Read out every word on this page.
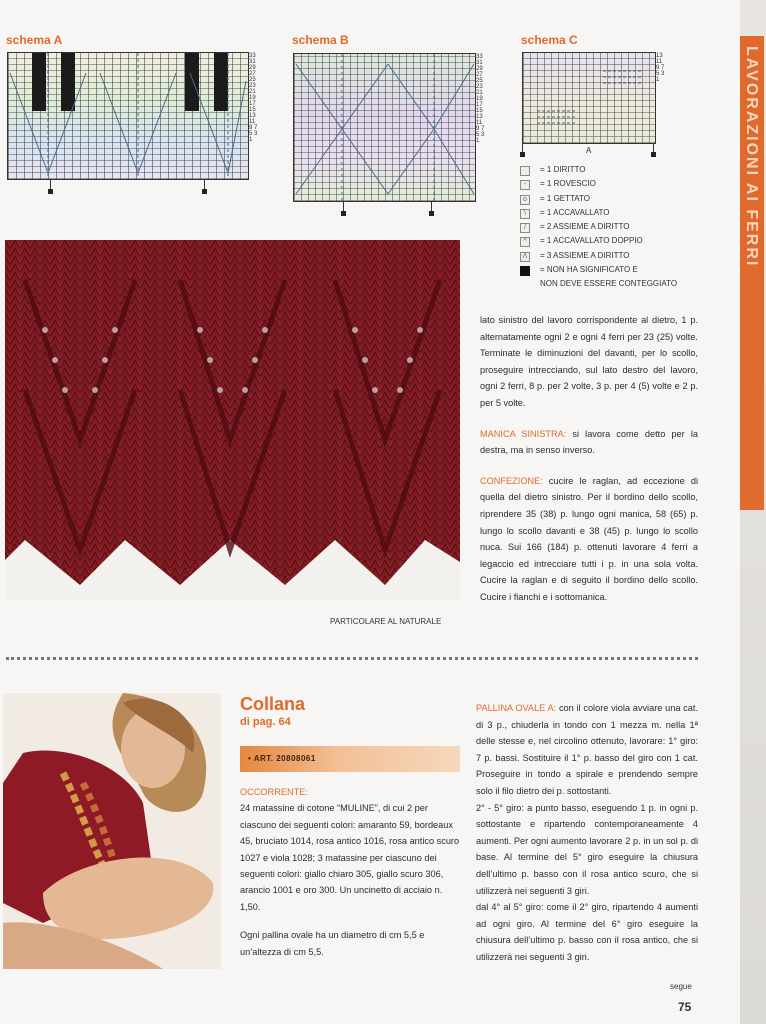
LAVORAZIONI AI FERRI
schema A	schema B	schema C
33 31 29 27 25 23 21 19 17 15 13 11 9 7 5 3 1
33 31 29 27 25 23 21 19 17 15 13 11 9 7 5 3 1
13 11 9 7 5 3 1
A
= 1 DIRITTO
-	= 1 ROVESCIO
o	= 1 GETTATO
\	= 1 ACCAVALLATO
/	= 2 ASSIEME A DIRITTO
^	= 1 ACCAVALLATO DOPPIO
Λ	= 3 ASSIEME A DIRITTO
= NON HA SIGNIFICATO E
NON DEVE ESSERE CONTEGGIATO
PARTICOLARE AL NATURALE

lato sinistro del lavoro corrispondente al dietro, 1 p. alternatamente ogni 2 e ogni 4 ferri per 23 (25) volte. Terminate le diminuzioni del davanti, per lo scollo, proseguire intrecciando, sul lato destro del lavoro, ogni 2 ferri, 8 p. per 2 volte, 3 p. per 4 (5) volte e 2 p. per 5 volte.

MANICA SINISTRA: si lavora come detto per la destra, ma in senso inverso.

CONFEZIONE: cucire le raglan, ad eccezione di quella del dietro sinistro. Per il bordino dello scollo, riprendere 35 (38) p. lungo ogni manica, 58 (65) p. lungo lo scollo davanti e 38 (45) p. lungo lo scollo nuca. Sui 166 (184) p. ottenuti lavorare 4 ferri a legaccio ed intrecciare tutti i p. in una sola volta. Cucire la raglan e di seguito il bordino dello scollo. Cucire i fianchi e i sottomanica.

Collana
di pag. 64
• ART. 20808061

OCCORRENTE:
24 matassine di cotone “MULINE”, di cui 2 per ciascuno dei seguenti colori: amaranto 59, bordeaux 45, bruciato 1014, rosa antico 1016, rosa antico scuro 1027 e viola 1028; 3 matassine per ciascuno dei seguenti colori: giallo chiaro 305, giallo scuro 306, arancio 1001 e oro 300. Un uncinetto di acciaio n. 1,50.

Ogni pallina ovale ha un diametro di cm 5,5 e un’altezza di cm 5,5.

PALLINA OVALE A: con il colore viola avviare una cat. di 3 p., chiuderla in tondo con 1 mezza m. nella 1ª delle stesse e, nel circolino ottenuto, lavorare: 1° giro: 7 p. bassi. Sostituire il 1° p. basso del giro con 1 cat. Proseguire in tondo a spirale e prendendo sempre solo il filo dietro dei p. sottostanti.

2° - 5° giro: a punto basso, eseguendo 1 p. in ogni p. sottostante e ripartendo contemporaneamente 4 aumenti. Per ogni aumento lavorare 2 p. in un sol p. di base. Al termine del 5° giro eseguire la chiusura dell’ultimo p. basso con il rosa antico scuro, che si utilizzerà nei seguenti 3 giri.

dal 4° al 5° giro: come il 2° giro, ripartendo 4 aumenti ad ogni giro. Al termine del 6° giro eseguire la chiusura dell’ultimo p. basso con il rosa antico, che si utilizzerà nei seguenti 3 giri.

segue
75
